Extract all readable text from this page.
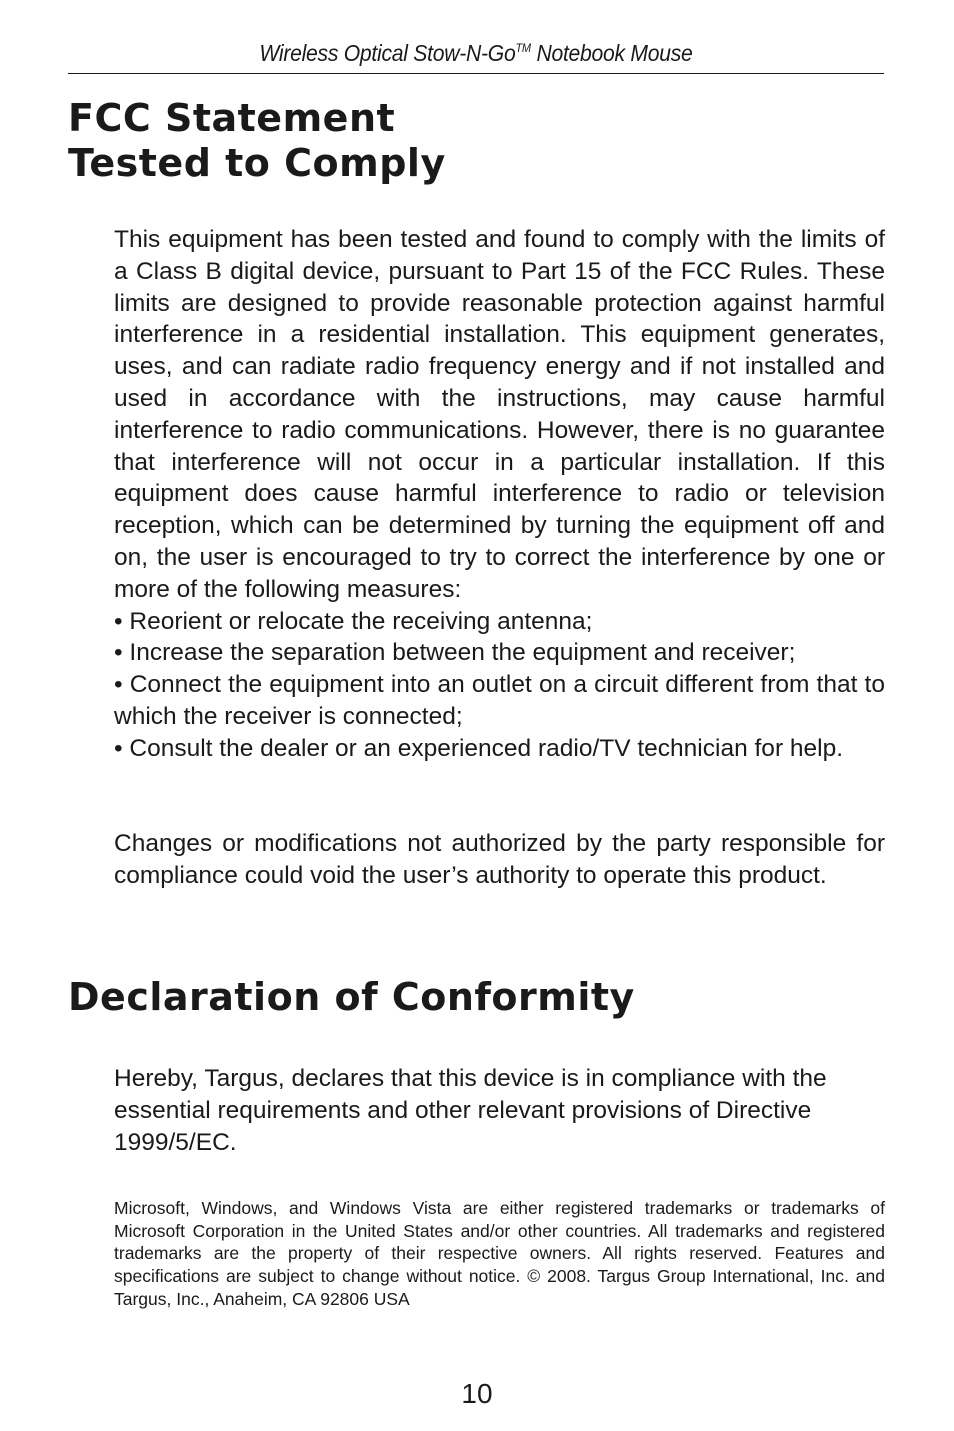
Wireless Optical Stow-N-Go™ Notebook Mouse
FCC Statement
Tested to Comply

This equipment has been tested and found to comply with the limits of a Class B digital device, pursuant to Part 15 of the FCC Rules. These limits are designed to provide reasonable protection against harmful interference in a residential installation. This equipment generates, uses, and can radiate radio frequency energy and if not installed and used in accordance with the instructions, may cause harmful interference to radio communications. However, there is no guarantee that interference will not occur in a particular installation. If this equipment does cause harmful interference to radio or television reception, which can be determined by turning the equipment off and on, the user is encouraged to try to correct the interference by one or more of the following measures:

• Reorient or relocate the receiving antenna;

• Increase the separation between the equipment and receiver;

• Connect the equipment into an outlet on a circuit different from that to which the receiver is connected;

• Consult the dealer or an experienced radio/TV technician for help.

Changes or modifications not authorized by the party responsible for compliance could void the user’s authority to operate this product.

Declaration of Conformity

Hereby, Targus, declares that this device is in compliance with the essential requirements and other relevant provisions of Directive 1999/5/EC.

Microsoft, Windows, and Windows Vista are either registered trademarks or trademarks of Microsoft Corporation in the United States and/or other countries. All trademarks and registered trademarks are the property of their respective owners. All rights reserved. Features and specifications are subject to change without notice. © 2008. Targus Group International, Inc. and Targus, Inc., Anaheim, CA 92806 USA

10
